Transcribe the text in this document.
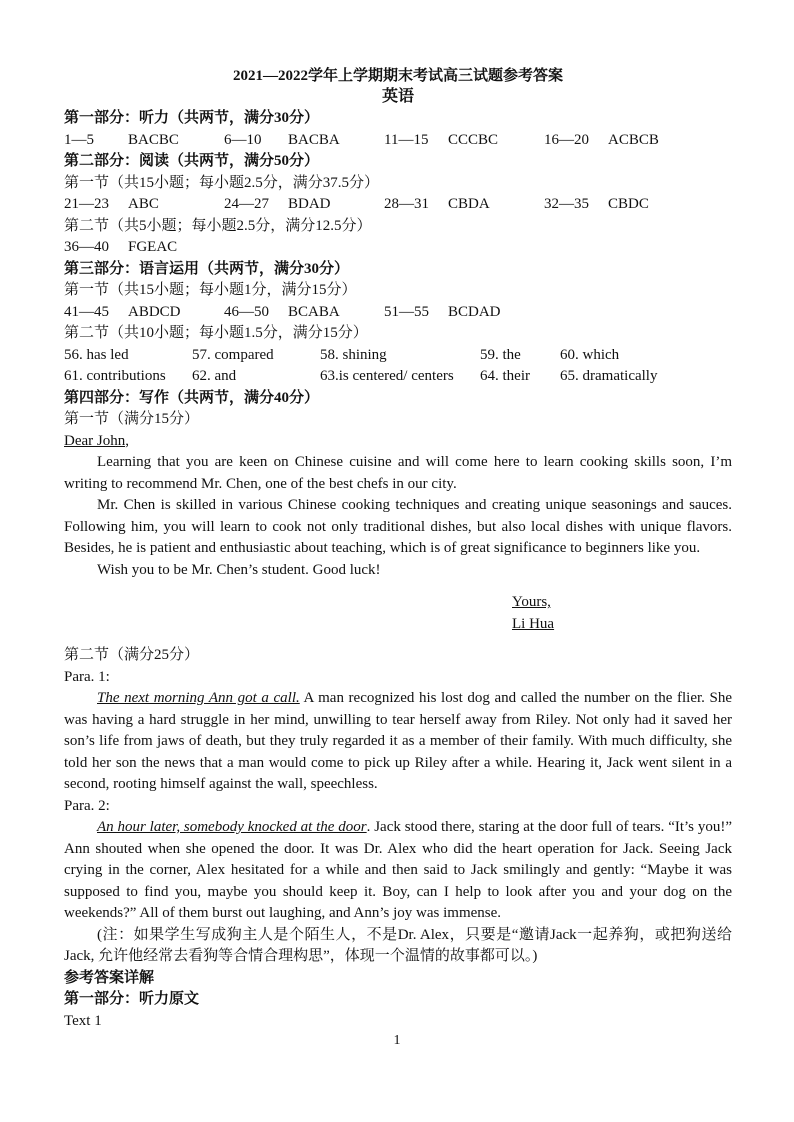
2021—2022学年上学期期末考试高三试题参考答案
英语
第一部分：听力（共两节，满分30分）
1—5	BACBC	6—10	BACBA	11—15	CCCBC	16—20	ACBCB
第二部分：阅读（共两节，满分50分）
第一节（共15小题；每小题2.5分，满分37.5分）
21—23	ABC	24—27	BDAD	28—31	CBDA	32—35	CBDC
第二节（共5小题；每小题2.5分，满分12.5分）
36—40	FGEAC
第三部分：语言运用（共两节，满分30分）
第一节（共15小题；每小题1分，满分15分）
41—45	ABDCD	46—50	BCABA	51—55	BCDAD
第二节（共10小题；每小题1.5分，满分15分）
56. has led	57. compared	58. shining	59. the	60. which
61. contributions	62. and	63.is centered/ centers	64. their	65. dramatically
第四部分：写作（共两节，满分40分）
第一节（满分15分）
Dear John,
Learning that you are keen on Chinese cuisine and will come here to learn cooking skills soon, I’m writing to recommend Mr. Chen, one of the best chefs in our city.
Mr. Chen is skilled in various Chinese cooking techniques and creating unique seasonings and sauces. Following him, you will learn to cook not only traditional dishes, but also local dishes with unique flavors. Besides, he is patient and enthusiastic about teaching, which is of great significance to beginners like you.
Wish you to be Mr. Chen’s student. Good luck!
Yours,
Li Hua
第二节（满分25分）
Para. 1:
The next morning Ann got a call. A man recognized his lost dog and called the number on the flier. She was having a hard struggle in her mind, unwilling to tear herself away from Riley. Not only had it saved her son’s life from jaws of death, but they truly regarded it as a member of their family. With much difficulty, she told her son the news that a man would come to pick up Riley after a while. Hearing it, Jack went silent in a second, rooting himself against the wall, speechless.
Para. 2:
An hour later, somebody knocked at the door. Jack stood there, staring at the door full of tears. “It’s you!” Ann shouted when she opened the door. It was Dr. Alex who did the heart operation for Jack. Seeing Jack crying in the corner, Alex hesitated for a while and then said to Jack smilingly and gently: “Maybe it was supposed to find you, maybe you should keep it. Boy, can I help to look after you and your dog on the weekends?” All of them burst out laughing, and Ann’s joy was immense.
(注：如果学生写成狗主人是个陌生人，不是Dr. Alex，只要是“邀请Jack一起养狗，或把狗送给Jack, 允许他经常去看狗等合情合理构思”，体现一个温情的故事都可以。)
参考答案详解
第一部分：听力原文
Text 1
1
